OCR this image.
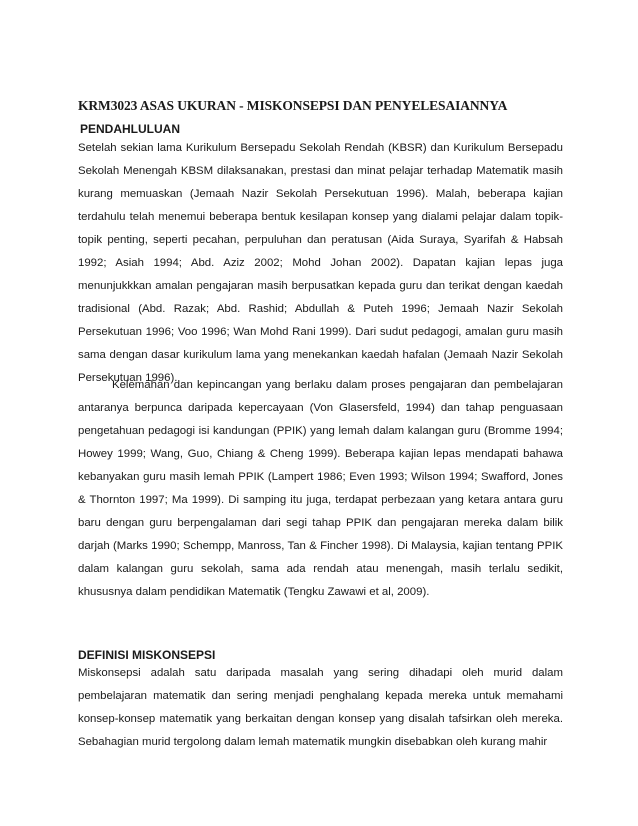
KRM3023 ASAS UKURAN - MISKONSEPSI DAN PENYELESAIANNYA
PENDAHLULUAN

Setelah sekian lama Kurikulum Bersepadu Sekolah Rendah (KBSR) dan Kurikulum Bersepadu Sekolah Menengah KBSM dilaksanakan, prestasi dan minat pelajar terhadap Matematik masih kurang memuaskan (Jemaah Nazir Sekolah Persekutuan 1996). Malah, beberapa kajian terdahulu telah menemui beberapa bentuk kesilapan konsep yang dialami pelajar dalam topik-topik penting, seperti pecahan, perpuluhan dan peratusan (Aida Suraya, Syarifah & Habsah 1992; Asiah 1994; Abd. Aziz 2002; Mohd Johan 2002). Dapatan kajian lepas juga menunjukkkan amalan pengajaran masih berpusatkan kepada guru dan terikat dengan kaedah tradisional (Abd. Razak; Abd. Rashid; Abdullah & Puteh 1996; Jemaah Nazir Sekolah Persekutuan 1996; Voo 1996; Wan Mohd Rani 1999). Dari sudut pedagogi, amalan guru masih sama dengan dasar kurikulum lama yang menekankan kaedah hafalan (Jemaah Nazir Sekolah Persekutuan 1996).

Kelemahan dan kepincangan yang berlaku dalam proses pengajaran dan pembelajaran antaranya berpunca daripada kepercayaan (Von Glasersfeld, 1994) dan tahap penguasaan pengetahuan pedagogi isi kandungan (PPIK) yang lemah dalam kalangan guru (Bromme 1994; Howey 1999; Wang, Guo, Chiang & Cheng 1999). Beberapa kajian lepas mendapati bahawa kebanyakan guru masih lemah PPIK (Lampert 1986; Even 1993; Wilson 1994; Swafford, Jones & Thornton 1997; Ma 1999). Di samping itu juga, terdapat perbezaan yang ketara antara guru baru dengan guru berpengalaman dari segi tahap PPIK dan pengajaran mereka dalam bilik darjah (Marks 1990; Schempp, Manross, Tan & Fincher 1998). Di Malaysia, kajian tentang PPIK dalam kalangan guru sekolah, sama ada rendah atau menengah, masih terlalu sedikit, khususnya dalam pendidikan Matematik (Tengku Zawawi et al, 2009).

DEFINISI MISKONSEPSI

Miskonsepsi adalah satu daripada masalah yang sering dihadapi oleh murid dalam pembelajaran matematik dan sering menjadi penghalang kepada mereka untuk memahami konsep-konsep matematik yang berkaitan dengan konsep yang disalah tafsirkan oleh mereka. Sebahagian murid tergolong dalam lemah matematik mungkin disebabkan oleh kurang mahir
